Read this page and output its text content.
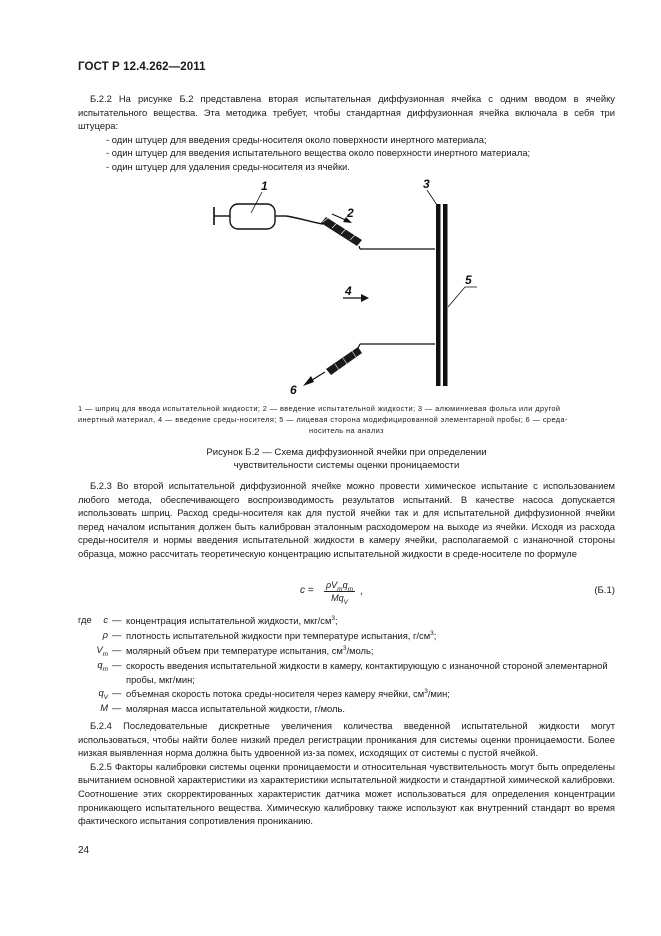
ГОСТ Р 12.4.262—2011

Б.2.2 На рисунке Б.2 представлена вторая испытательная диффузионная ячейка с одним вводом в ячейку испытательного вещества. Эта методика требует, чтобы стандартная диффузионная ячейка включала в себя три штуцера:

- один штуцер для введения среды-носителя около поверхности инертного материала;

- один штуцер для введения испытательного вещества около поверхности инертного материала;

- один штуцер для удаления среды-носителя из ячейки.

1
2
3
4
5
6
1 — шприц для ввода испытательной жидкости; 2 — введение испытательной жидкости; 3 — алюминиевая фольга или другой
инертный материал, 4 — введение среды-носителя; 5 — лицевая сторона модифицированной элементарной пробы; 6 — среда-
носитель на анализ
Рисунок Б.2 — Схема диффузионной ячейки при определении
чувствительности системы оценки проницаемости

Б.2.3 Во второй испытательной диффузионной ячейке можно провести химическое испытание с использованием любого метода, обеспечивающего воспроизводимость результатов испытаний. В качестве насоса допускается использовать шприц. Расход среды-носителя как для пустой ячейки так и для испытательной диффузионной ячейки перед началом испытания должен быть калиброван эталонным расходомером на выходе из ячейки. Исходя из расхода среды-носителя и нормы введения испытательной жидкости в камеру ячейки, располагаемой с изнаночной стороны образца, можно рассчитать теоретическую концентрацию испытательной жидкости в среде-носителе по формуле

$c = \rho V_mq_m$
$Mq_V$
,	(Б.1)
где	c — концентрация испытательной жидкости, мкг/$см^3$;
ρ — плотность испытательной жидкости при температуре испытания, $г/см^3$;
$V_m$ — молярный объем при температуре испытания, $см^3$/моль;
$q_m$ — скорость введения испытательной жидкости в камеру, контактирующую с изнаночной стороной элементарной пробы, мкг/мин;
$q_V$ — объемная скорость потока среды-носителя через камеру ячейки, $см^3$/мин;
M — молярная масса испытательной жидкости, г/моль.

Б.2.4 Последовательные дискретные увеличения количества введенной испытательной жидкости могут использоваться, чтобы найти более низкий предел регистрации проникания для системы оценки проницаемости. Более низкая выявленная норма должна быть удвоенной из-за помех, исходящих от системы с пустой ячейкой.

Б.2.5 Факторы калибровки системы оценки проницаемости и относительная чувствительность могут быть определены вычитанием основной характеристики из характеристики испытательной жидкости и стандартной химической калибровки. Соотношение этих скорректированных характеристик датчика может использоваться для определения концентрации проникающего испытательного вещества. Химическую калибровку также используют как внутренний стандарт во время фактического испытания сопротивления прониканию.

24
